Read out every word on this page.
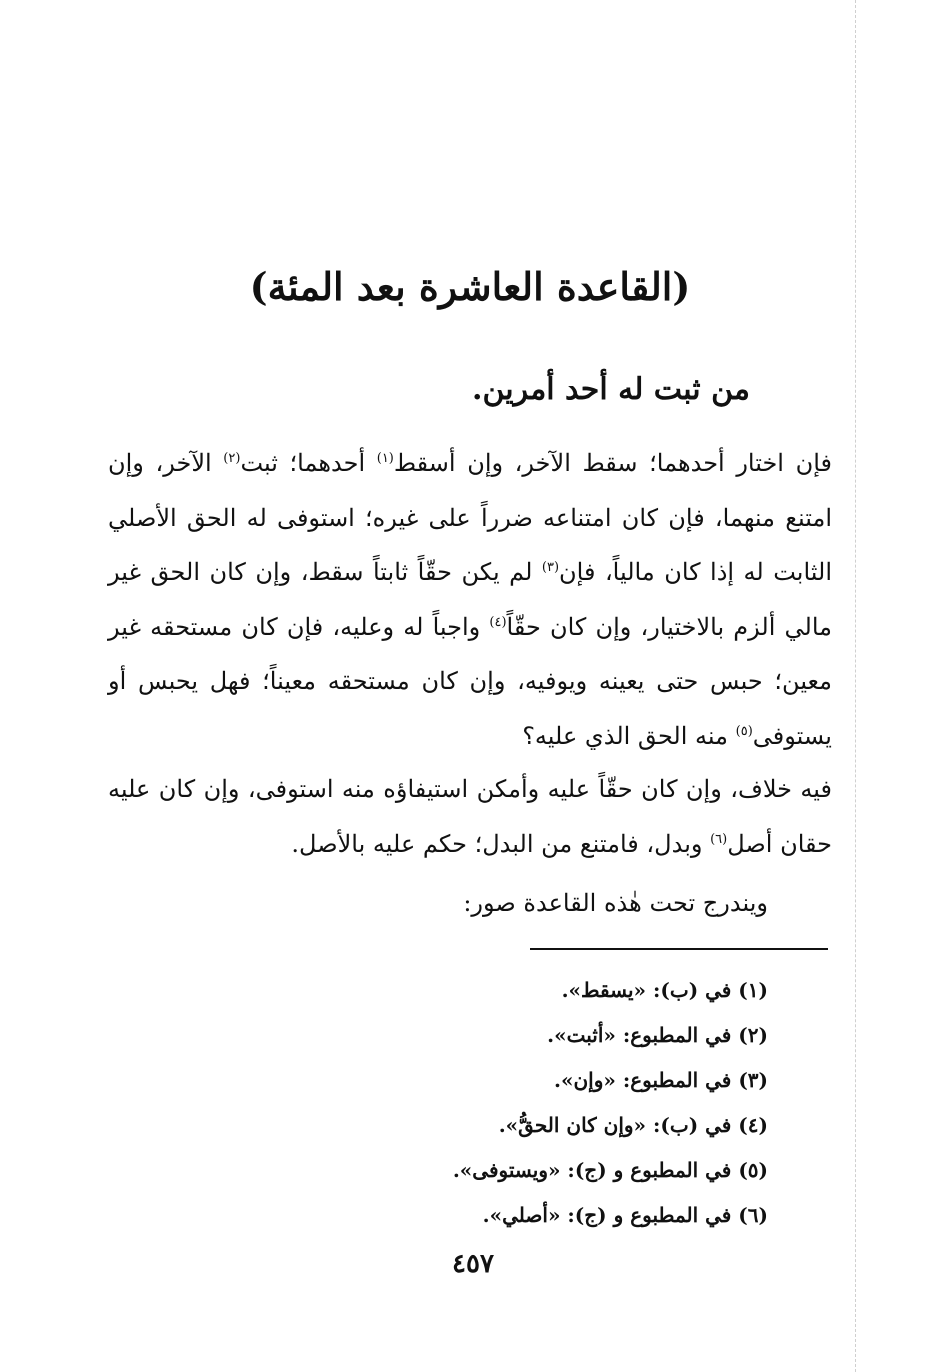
(القاعدة العاشرة بعد المئة)
من ثبت له أحد أمرين.

فإن اختار أحدهما؛ سقط الآخر، وإن أسقط$^{(١)}$ أحدهما؛ ثبت$^{(٢)}$ الآخر، وإن امتنع منهما، فإن كان امتناعه ضرراً على غيره؛ استوفى له الحق الأصلي الثابت له إذا كان مالياً، فإن$^{(٣)}$ لم يكن حقّاً ثابتاً سقط، وإن كان الحق غير مالي ألزم بالاختيار، وإن كان حقّاً$^{(٤)}$ واجباً له وعليه، فإن كان مستحقه غير معين؛ حبس حتى يعينه ويوفيه، وإن كان مستحقه معيناً؛ فهل يحبس أو يستوفى$^{(٥)}$ منه الحق الذي عليه؟

فيه خلاف، وإن كان حقّاً عليه وأمكن استيفاؤه منه استوفى، وإن كان عليه حقان أصل$^{(٦)}$ وبدل، فامتنع من البدل؛ حكم عليه بالأصل.

ويندرج تحت هٰذه القاعدة صور:
(١) في (ب): «يسقط».
(٢) في المطبوع: «أثبت».
(٣) في المطبوع: «وإن».
(٤) في (ب): «وإن كان الحقُّ».
(٥) في المطبوع و (ج): «ويستوفى».
(٦) في المطبوع و (ج): «أصلي».
٤٥٧
